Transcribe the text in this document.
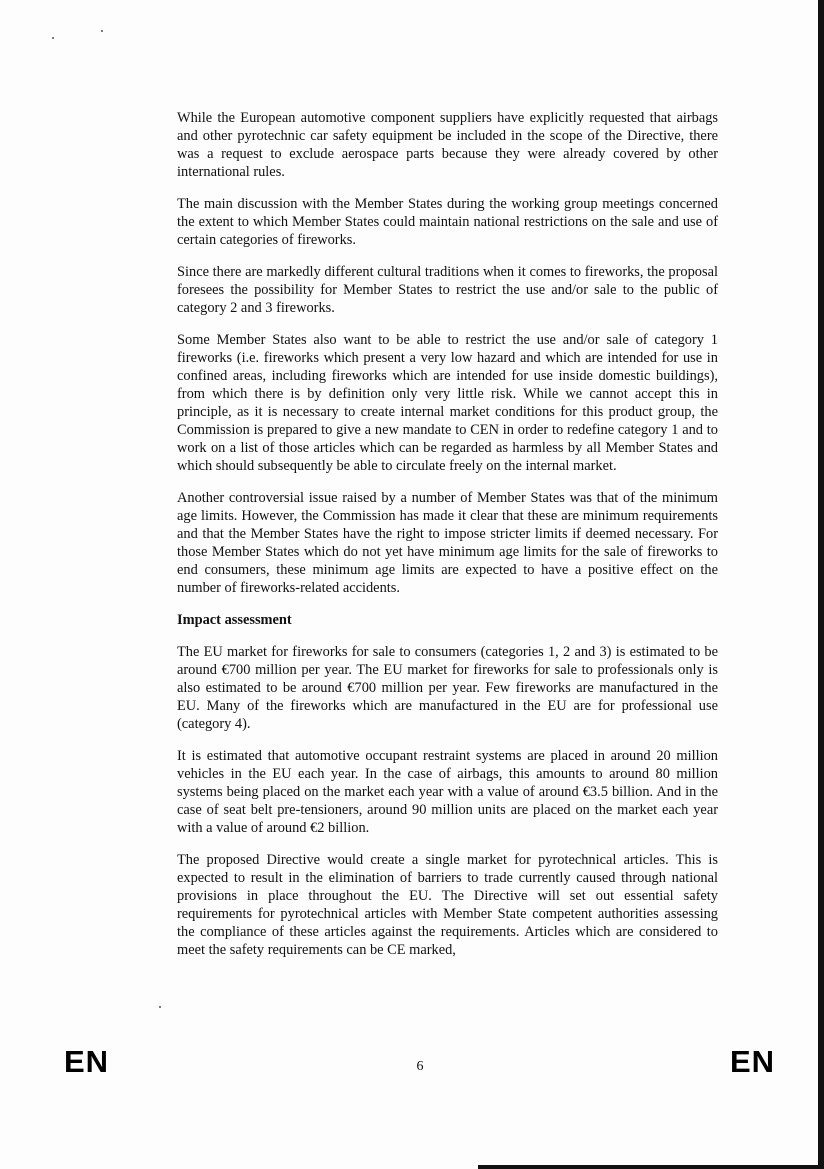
While the European automotive component suppliers have explicitly requested that airbags and other pyrotechnic car safety equipment be included in the scope of the Directive, there was a request to exclude aerospace parts because they were already covered by other international rules.

The main discussion with the Member States during the working group meetings concerned the extent to which Member States could maintain national restrictions on the sale and use of certain categories of fireworks.

Since there are markedly different cultural traditions when it comes to fireworks, the proposal foresees the possibility for Member States to restrict the use and/or sale to the public of category 2 and 3 fireworks.

Some Member States also want to be able to restrict the use and/or sale of category 1 fireworks (i.e. fireworks which present a very low hazard and which are intended for use in confined areas, including fireworks which are intended for use inside domestic buildings), from which there is by definition only very little risk. While we cannot accept this in principle, as it is necessary to create internal market conditions for this product group, the Commission is prepared to give a new mandate to CEN in order to redefine category 1 and to work on a list of those articles which can be regarded as harmless by all Member States and which should subsequently be able to circulate freely on the internal market.

Another controversial issue raised by a number of Member States was that of the minimum age limits. However, the Commission has made it clear that these are minimum requirements and that the Member States have the right to impose stricter limits if deemed necessary. For those Member States which do not yet have minimum age limits for the sale of fireworks to end consumers, these minimum age limits are expected to have a positive effect on the number of fireworks-related accidents.

Impact assessment

The EU market for fireworks for sale to consumers (categories 1, 2 and 3) is estimated to be around €700 million per year. The EU market for fireworks for sale to professionals only is also estimated to be around €700 million per year. Few fireworks are manufactured in the EU. Many of the fireworks which are manufactured in the EU are for professional use (category 4).

It is estimated that automotive occupant restraint systems are placed in around 20 million vehicles in the EU each year. In the case of airbags, this amounts to around 80 million systems being placed on the market each year with a value of around €3.5 billion. And in the case of seat belt pre-tensioners, around 90 million units are placed on the market each year with a value of around €2 billion.

The proposed Directive would create a single market for pyrotechnical articles. This is expected to result in the elimination of barriers to trade currently caused through national provisions in place throughout the EU. The Directive will set out essential safety requirements for pyrotechnical articles with Member State competent authorities assessing the compliance of these articles against the requirements. Articles which are considered to meet the safety requirements can be CE marked,

EN	6	EN
